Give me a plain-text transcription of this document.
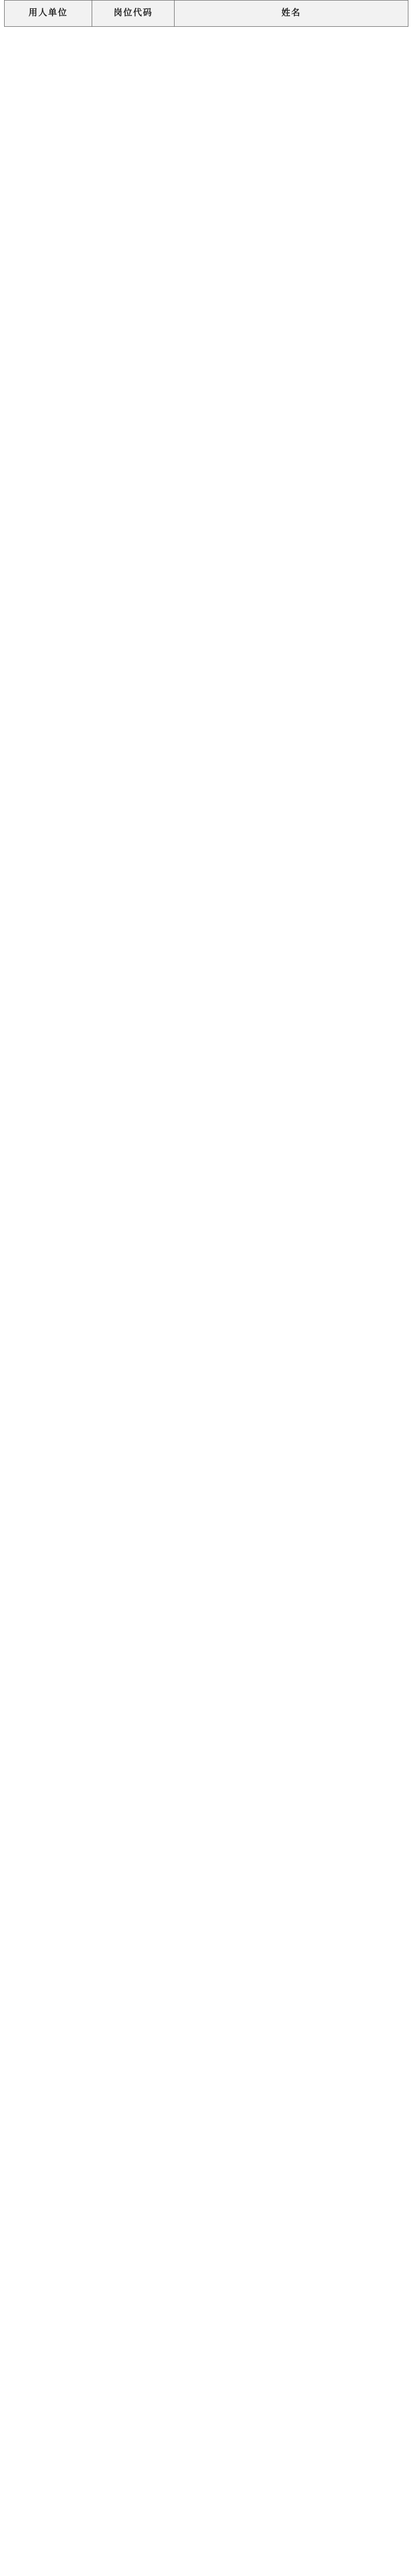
用人单位	岗位代码	姓名
